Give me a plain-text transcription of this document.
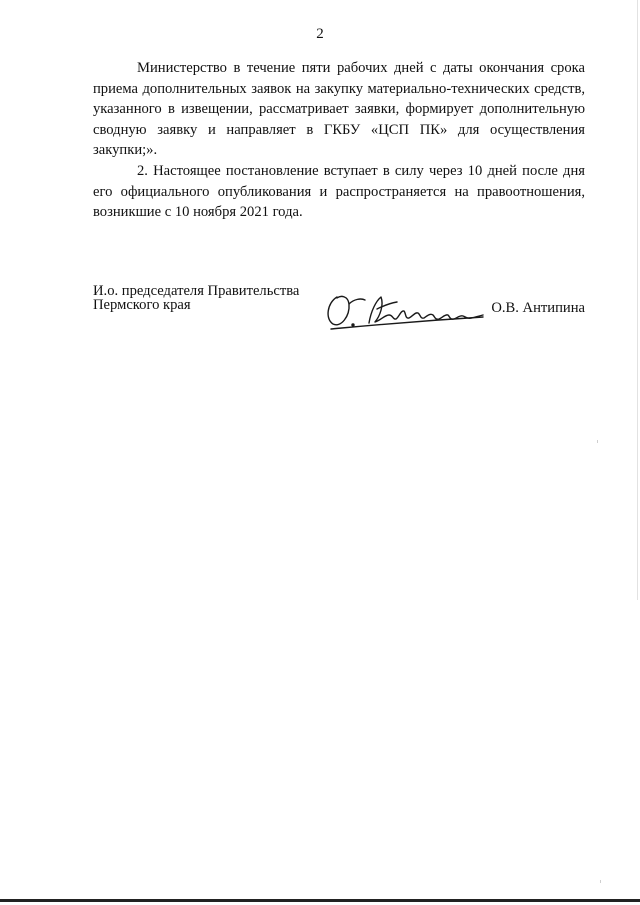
2

Министерство в течение пяти рабочих дней с даты окончания срока приема дополнительных заявок на закупку материально-технических средств, указанного в извещении, рассматривает заявки, формирует дополнительную сводную заявку и направляет в ГКБУ «ЦСП ПК» для осуществления закупки;».

2. Настоящее постановление вступает в силу через 10 дней после дня его официального опубликования и распространяется на правоотношения, возникшие с 10 ноября 2021 года.

И.о. председателя Правительства
Пермского края	О.В. Антипина
